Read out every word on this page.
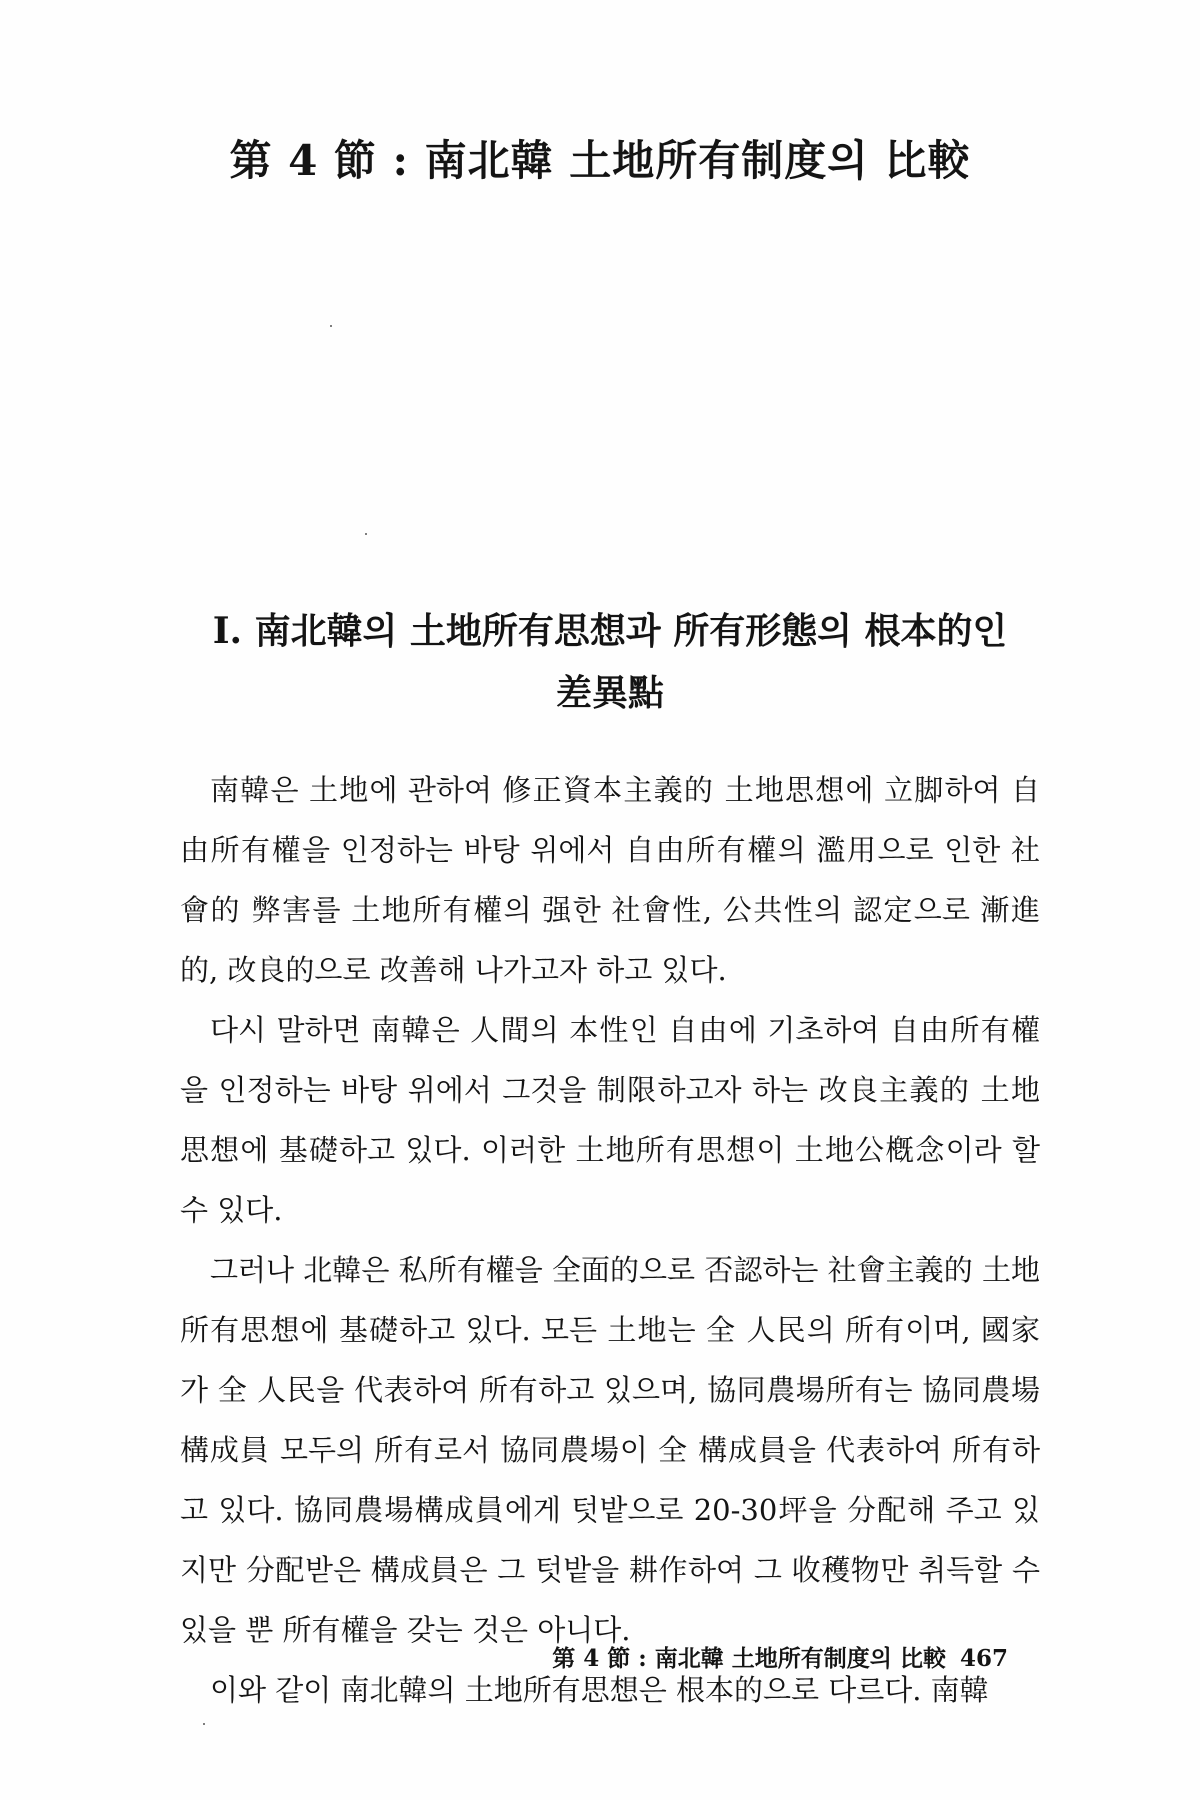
第 4 節 : 南北韓 土地所有制度의 比較
Ⅰ. 南北韓의 土地所有思想과 所有形態의 根本的인
差異點

南韓은 土地에 관하여 修正資本主義的 土地思想에 立脚하여 自由所有權을 인정하는 바탕 위에서 自由所有權의 濫用으로 인한 社會的 弊害를 土地所有權의 强한 社會性, 公共性의 認定으로 漸進的, 改良的으로 改善해 나가고자 하고 있다.

다시 말하면 南韓은 人間의 本性인 自由에 기초하여 自由所有權을 인정하는 바탕 위에서 그것을 制限하고자 하는 改良主義的 土地思想에 基礎하고 있다. 이러한 土地所有思想이 土地公槪念이라 할 수 있다.

그러나 北韓은 私所有權을 全面的으로 否認하는 社會主義的 土地所有思想에 基礎하고 있다. 모든 土地는 全 人民의 所有이며, 國家가 全 人民을 代表하여 所有하고 있으며, 協同農場所有는 協同農場構成員 모두의 所有로서 協同農場이 全 構成員을 代表하여 所有하고 있다. 協同農場構成員에게 텃밭으로 20-30坪을 分配해 주고 있지만 分配받은 構成員은 그 텃밭을 耕作하여 그 收穫物만 취득할 수 있을 뿐 所有權을 갖는 것은 아니다.

이와 같이 南北韓의 土地所有思想은 根本的으로 다르다. 南韓

第 4 節 : 南北韓 土地所有制度의 比較 467
